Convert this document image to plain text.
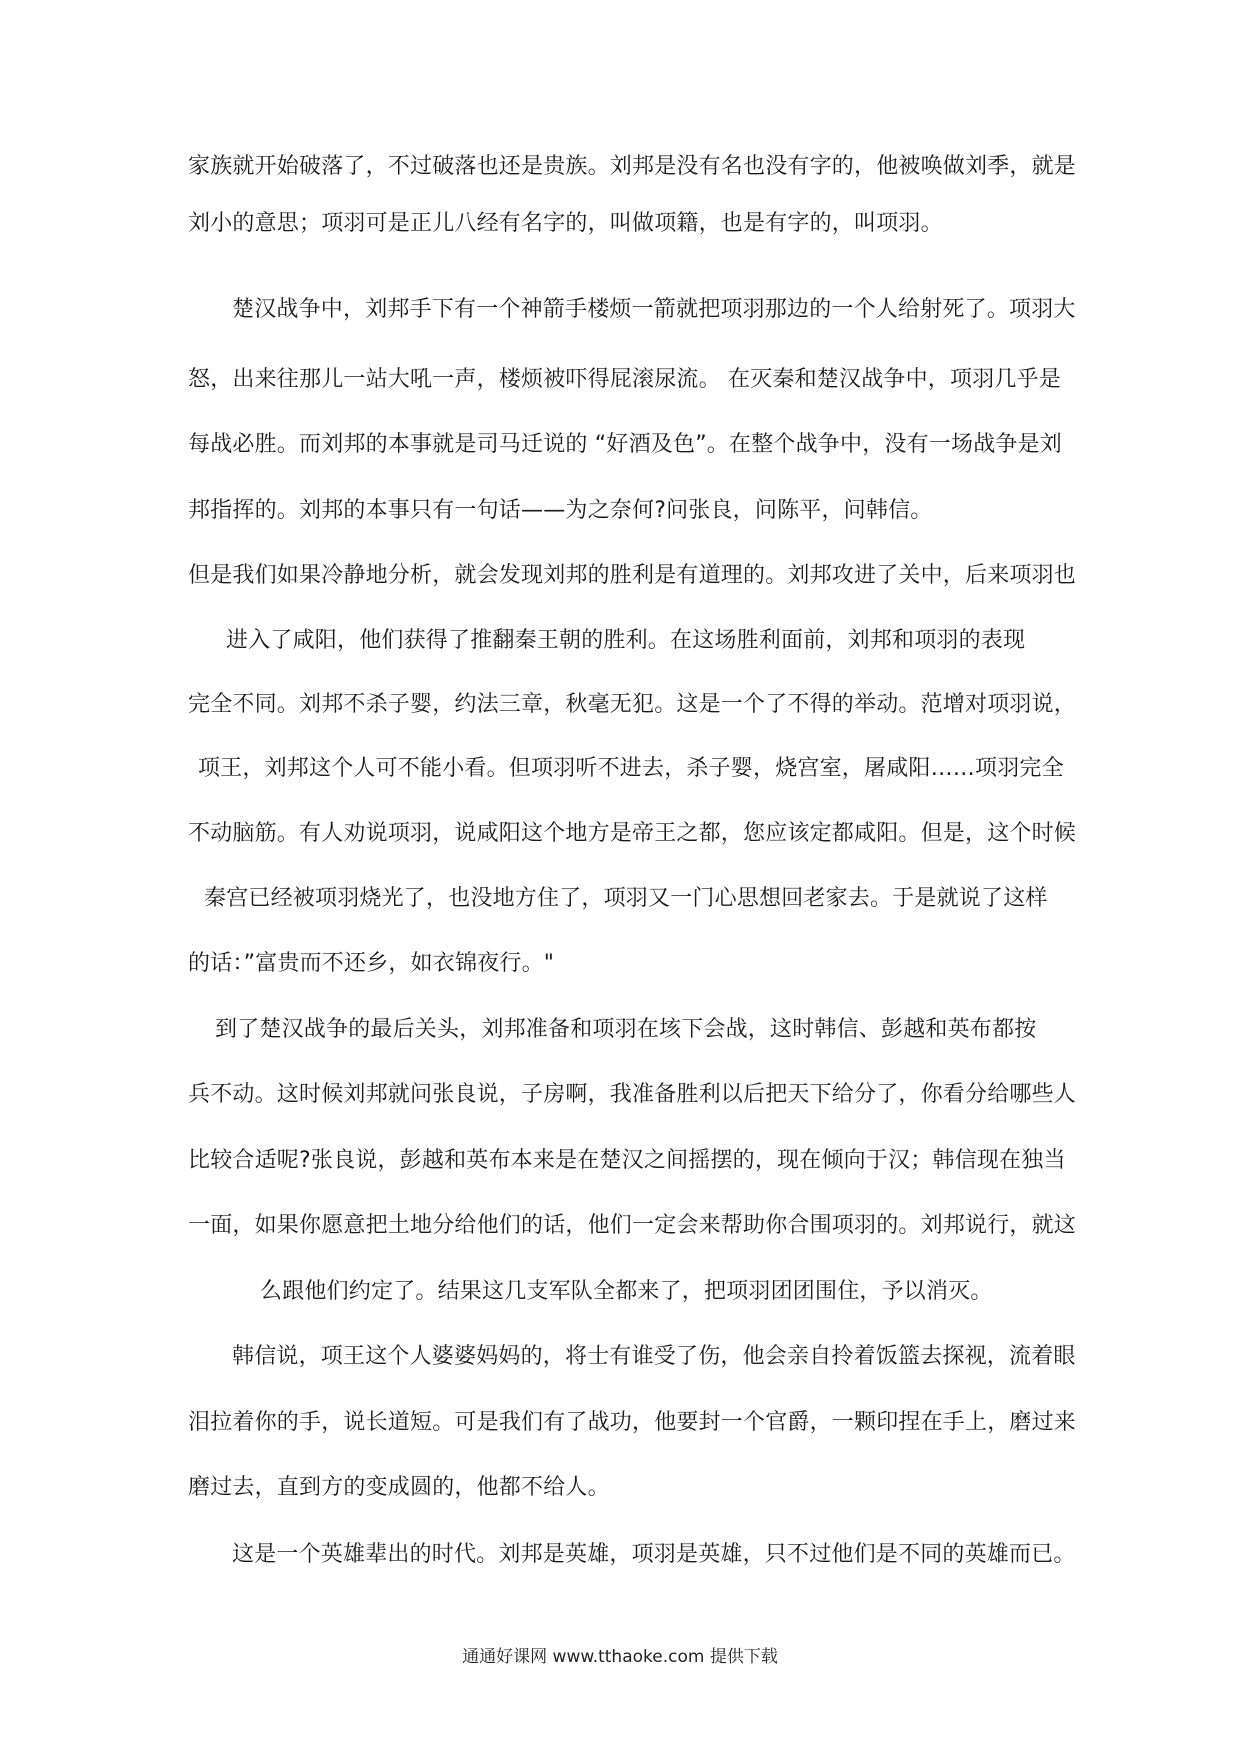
家族就开始破落了，不过破落也还是贵族。刘邦是没有名也没有字的，他被唤做刘季，就是
刘小的意思；项羽可是正儿八经有名字的，叫做项籍，也是有字的，叫项羽。
楚汉战争中，刘邦手下有一个神箭手楼烦一箭就把项羽那边的一个人给射死了。项羽大
怒，出来往那儿一站大吼一声，楼烦被吓得屁滚尿流。 在灭秦和楚汉战争中，项羽几乎是
每战必胜。而刘邦的本事就是司马迁说的 “好酒及色”。在整个战争中，没有一场战争是刘
邦指挥的。刘邦的本事只有一句话——为之奈何?问张良，问陈平，问韩信。
但是我们如果冷静地分析，就会发现刘邦的胜利是有道理的。刘邦攻进了关中，后来项羽也
进入了咸阳，他们获得了推翻秦王朝的胜利。在这场胜利面前，刘邦和项羽的表现
完全不同。刘邦不杀子婴，约法三章，秋毫无犯。这是一个了不得的举动。范增对项羽说，
项王，刘邦这个人可不能小看。但项羽听不进去，杀子婴，烧宫室，屠咸阳……项羽完全
不动脑筋。有人劝说项羽，说咸阳这个地方是帝王之都，您应该定都咸阳。但是，这个时候
秦宫已经被项羽烧光了，也没地方住了，项羽又一门心思想回老家去。于是就说了这样
的话：”富贵而不还乡，如衣锦夜行。"
到了楚汉战争的最后关头，刘邦准备和项羽在垓下会战，这时韩信、彭越和英布都按
兵不动。这时候刘邦就问张良说，子房啊，我准备胜利以后把天下给分了，你看分给哪些人
比较合适呢?张良说，彭越和英布本来是在楚汉之间摇摆的，现在倾向于汉；韩信现在独当
一面，如果你愿意把土地分给他们的话，他们一定会来帮助你合围项羽的。刘邦说行，就这
么跟他们约定了。结果这几支军队全都来了，把项羽团团围住，予以消灭。
韩信说，项王这个人婆婆妈妈的，将士有谁受了伤，他会亲自拎着饭篮去探视，流着眼
泪拉着你的手，说长道短。可是我们有了战功，他要封一个官爵，一颗印捏在手上，磨过来
磨过去，直到方的变成圆的，他都不给人。
这是一个英雄辈出的时代。刘邦是英雄，项羽是英雄，只不过他们是不同的英雄而已。
通通好课网 www.tthaoke.com 提供下载
